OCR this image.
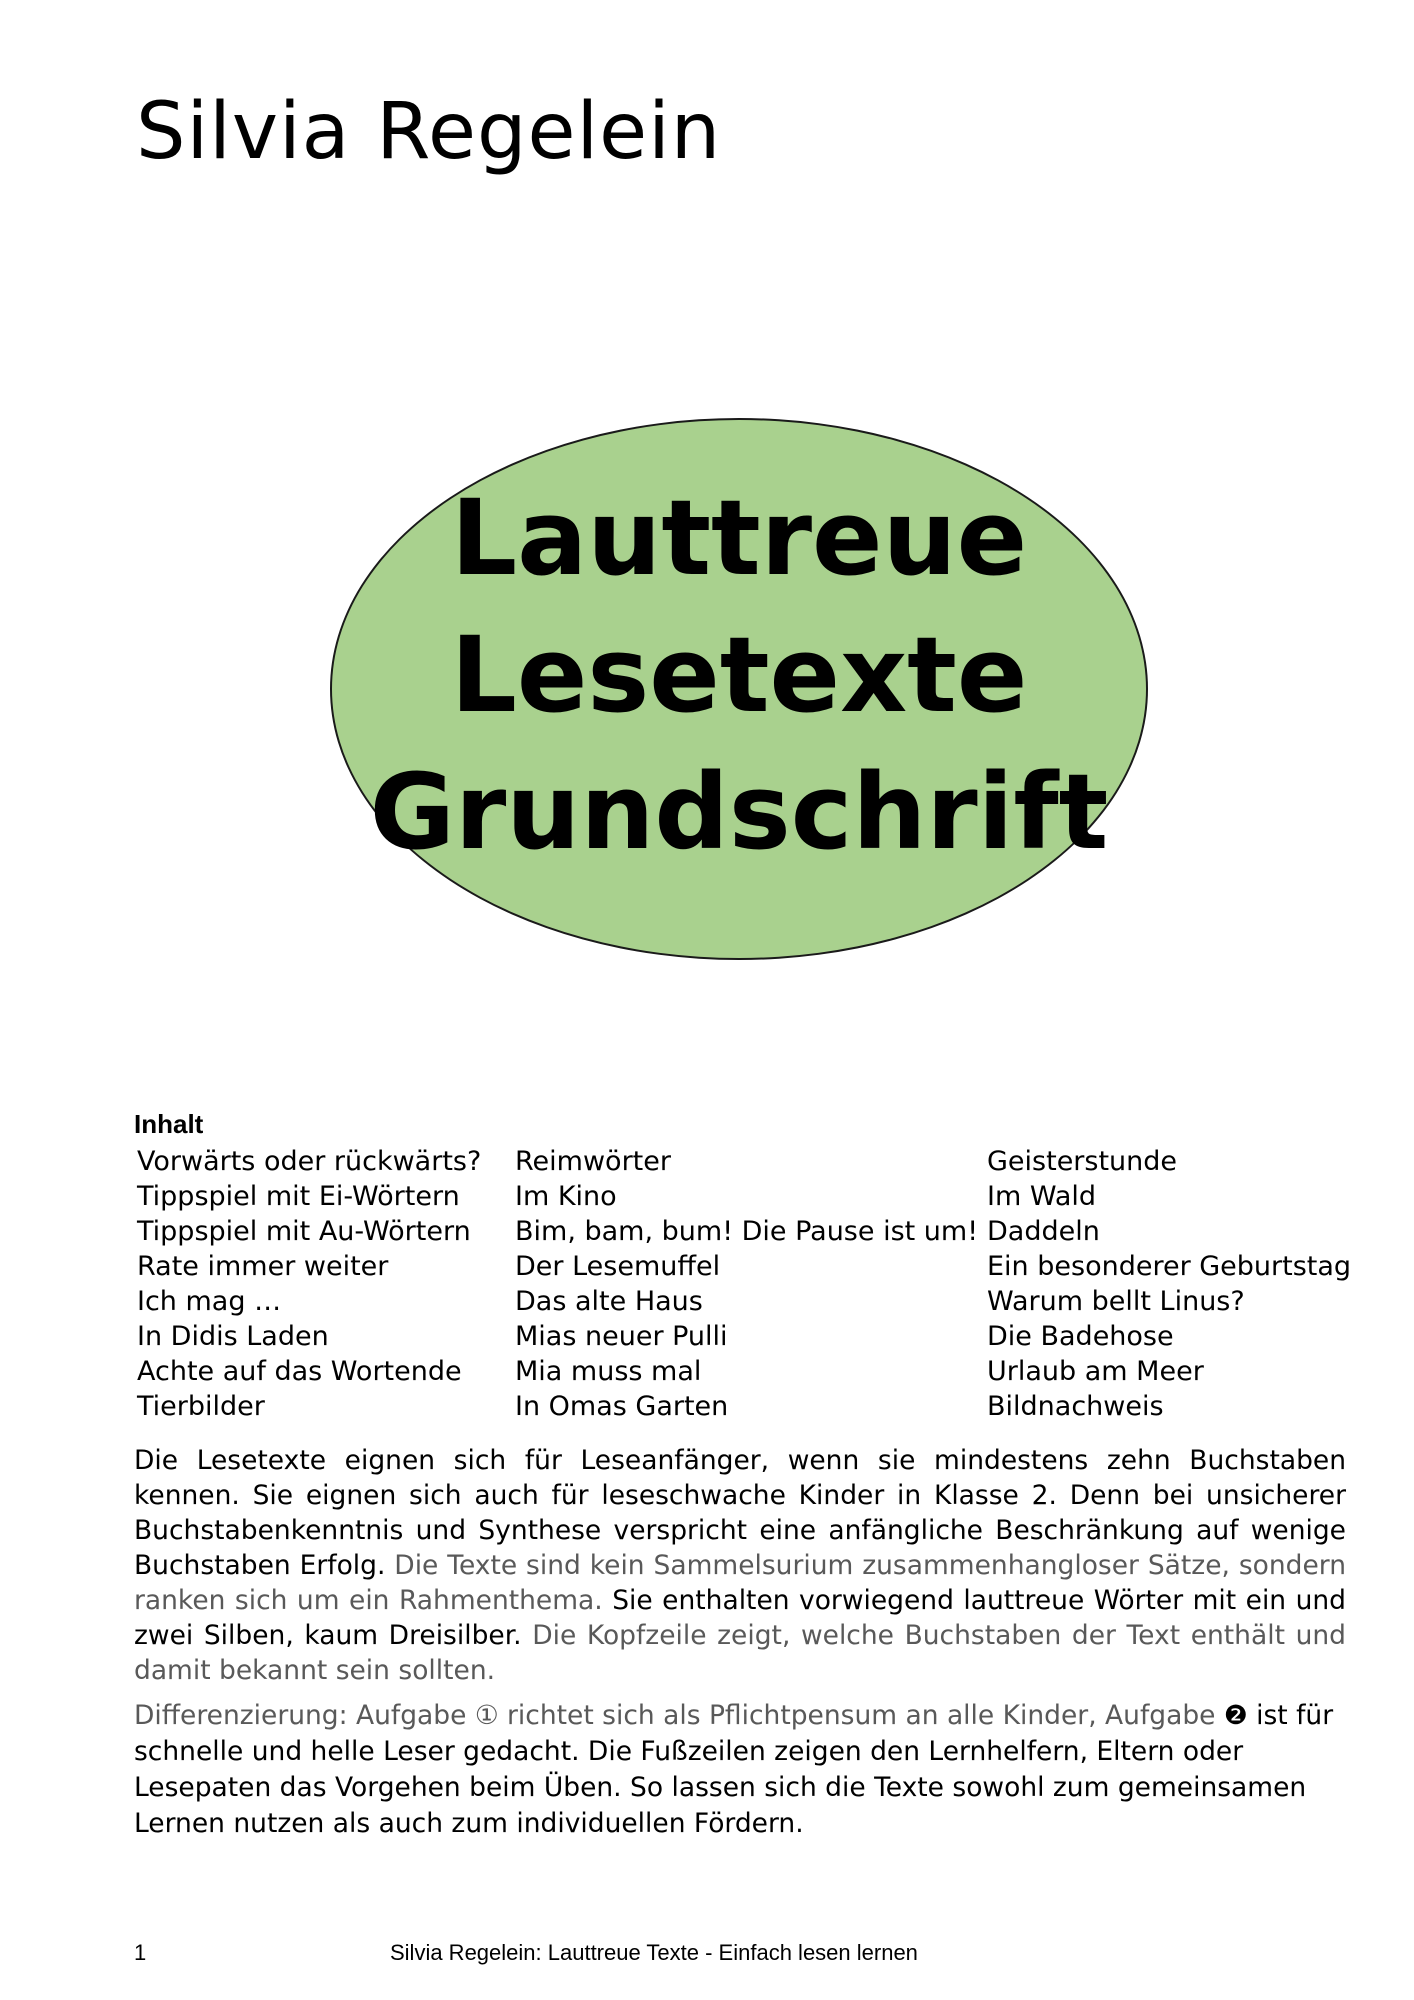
Silvia Regelein
Lauttreue
Lesetexte
Grundschrift
Inhalt
Vorwärts oder rückwärts?
Tippspiel mit Ei-Wörtern
Tippspiel mit Au-Wörtern
Rate immer weiter
Ich mag …
In Didis Laden
Achte auf das Wortende
Tierbilder
Reimwörter
Im Kino
Bim, bam, bum! Die Pause ist um!
Der Lesemuffel
Das alte Haus
Mias neuer Pulli
Mia muss mal
In Omas Garten
Geisterstunde
Im Wald
Daddeln
Ein besonderer Geburtstag
Warum bellt Linus?
Die Badehose
Urlaub am Meer
Bildnachweis

Die Lesetexte eignen sich für Leseanfänger, wenn sie mindestens zehn Buchstaben kennen. Sie eignen sich auch für leseschwache Kinder in Klasse 2. Denn bei unsicherer Buchstabenkenntnis und Synthese verspricht eine anfängliche Beschränkung auf wenige Buchstaben Erfolg. Die Texte sind kein Sammelsurium zusammenhangloser Sätze, sondern ranken sich um ein Rahmenthema. Sie enthalten vorwiegend lauttreue Wörter mit ein und zwei Silben, kaum Dreisilber. Die Kopfzeile zeigt, welche Buchstaben der Text enthält und damit bekannt sein sollten.

Differenzierung: Aufgabe ① richtet sich als Pflichtpensum an alle Kinder, Aufgabe ❷ ist für schnelle und helle Leser gedacht. Die Fußzeilen zeigen den Lernhelfern, Eltern oder Lesepaten das Vorgehen beim Üben. So lassen sich die Texte sowohl zum gemeinsamen Lernen nutzen als auch zum individuellen Fördern.

1	Silvia Regelein: Lauttreue Texte - Einfach lesen lernen
